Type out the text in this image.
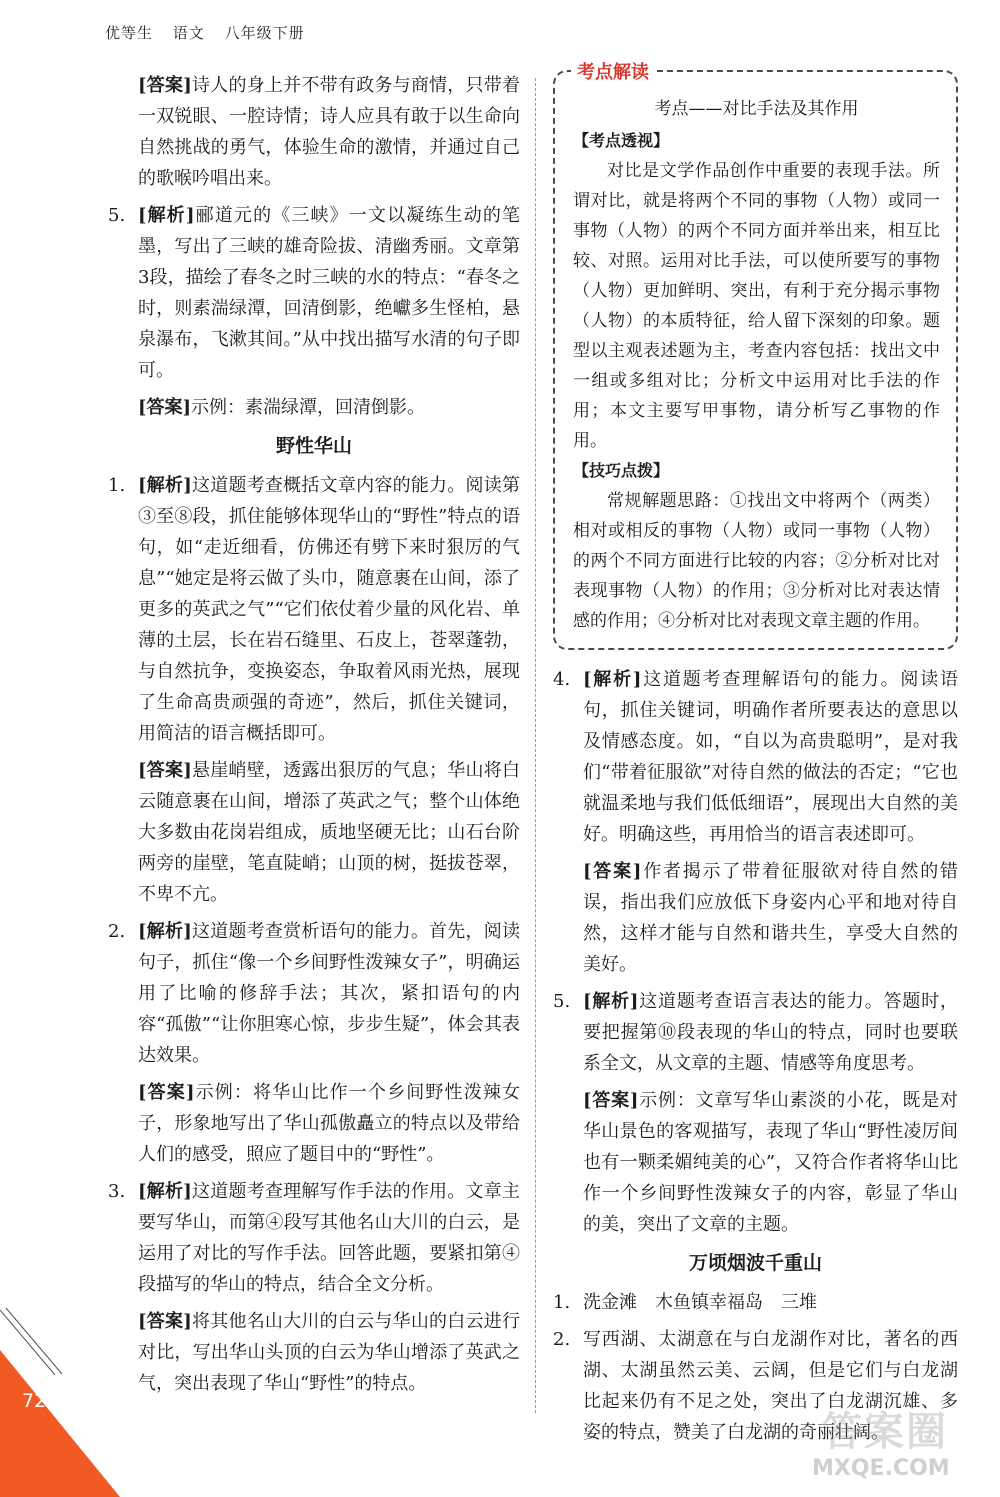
优等生 语文 八年级下册

[答案]诗人的身上并不带有政务与商情，只带着一双锐眼、一腔诗情；诗人应具有敢于以生命向自然挑战的勇气，体验生命的激情，并通过自己的歌喉吟唱出来。

5. [解析]郦道元的《三峡》一文以凝练生动的笔墨，写出了三峡的雄奇险拔、清幽秀丽。文章第3段，描绘了春冬之时三峡的水的特点：“春冬之时，则素湍绿潭，回清倒影，绝巘多生怪柏，悬泉瀑布，飞漱其间。”从中找出描写水清的句子即可。

[答案]示例：素湍绿潭，回清倒影。

野性华山
1. [解析]这道题考查概括文章内容的能力。阅读第③至⑧段，抓住能够体现华山的“野性”特点的语句，如“走近细看，仿佛还有劈下来时狠厉的气息”“她定是将云做了头巾，随意裹在山间，添了更多的英武之气”“它们依仗着少量的风化岩、单薄的土层，长在岩石缝里、石皮上，苍翠蓬勃，与自然抗争，变换姿态，争取着风雨光热，展现了生命高贵顽强的奇迹”，然后，抓住关键词，用简洁的语言概括即可。

[答案]悬崖峭壁，透露出狠厉的气息；华山将白云随意裹在山间，增添了英武之气；整个山体绝大多数由花岗岩组成，质地坚硬无比；山石台阶两旁的崖壁，笔直陡峭；山顶的树，挺拔苍翠，不卑不亢。

2. [解析]这道题考查赏析语句的能力。首先，阅读句子，抓住“像一个乡间野性泼辣女子”，明确运用了比喻的修辞手法；其次，紧扣语句的内容“孤傲”“让你胆寒心惊，步步生疑”，体会其表达效果。

[答案]示例：将华山比作一个乡间野性泼辣女子，形象地写出了华山孤傲矗立的特点以及带给人们的感受，照应了题目中的“野性”。

3. [解析]这道题考查理解写作手法的作用。文章主要写华山，而第④段写其他名山大川的白云，是运用了对比的写作手法。回答此题，要紧扣第④段描写的华山的特点，结合全文分析。

[答案]将其他名山大川的白云与华山的白云进行对比，写出华山头顶的白云为华山增添了英武之气，突出表现了华山“野性”的特点。

考点解读
考点——对比手法及其作用
【考点透视】

对比是文学作品创作中重要的表现手法。所谓对比，就是将两个不同的事物（人物）或同一事物（人物）的两个不同方面并举出来，相互比较、对照。运用对比手法，可以使所要写的事物（人物）更加鲜明、突出，有利于充分揭示事物（人物）的本质特征，给人留下深刻的印象。题型以主观表述题为主，考查内容包括：找出文中一组或多组对比；分析文中运用对比手法的作用；本文主要写甲事物，请分析写乙事物的作用。

【技巧点拨】

常规解题思路：①找出文中将两个（两类）相对或相反的事物（人物）或同一事物（人物）的两个不同方面进行比较的内容；②分析对比对表现事物（人物）的作用；③分析对比对表达情感的作用；④分析对比对表现文章主题的作用。

4. [解析]这道题考查理解语句的能力。阅读语句，抓住关键词，明确作者所要表达的意思以及情感态度。如，“自以为高贵聪明”，是对我们“带着征服欲”对待自然的做法的否定；“它也就温柔地与我们低低细语”，展现出大自然的美好。明确这些，再用恰当的语言表述即可。

[答案]作者揭示了带着征服欲对待自然的错误，指出我们应放低下身姿内心平和地对待自然，这样才能与自然和谐共生，享受大自然的美好。

5. [解析]这道题考查语言表达的能力。答题时，要把握第⑩段表现的华山的特点，同时也要联系全文，从文章的主题、情感等角度思考。

[答案]示例：文章写华山素淡的小花，既是对华山景色的客观描写，表现了华山“野性凌厉间也有一颗柔媚纯美的心”，又符合作者将华山比作一个乡间野性泼辣女子的内容，彰显了华山的美，突出了文章的主题。

万顷烟波千重山
1. 洗金滩　木鱼镇幸福岛　三堆
2. 写西湖、太湖意在与白龙湖作对比，著名的西湖、太湖虽然云美、云阔，但是它们与白龙湖比起来仍有不足之处，突出了白龙湖沉雄、多姿的特点，赞美了白龙湖的奇丽壮阔。
72
答案圈
MXQE.COM
